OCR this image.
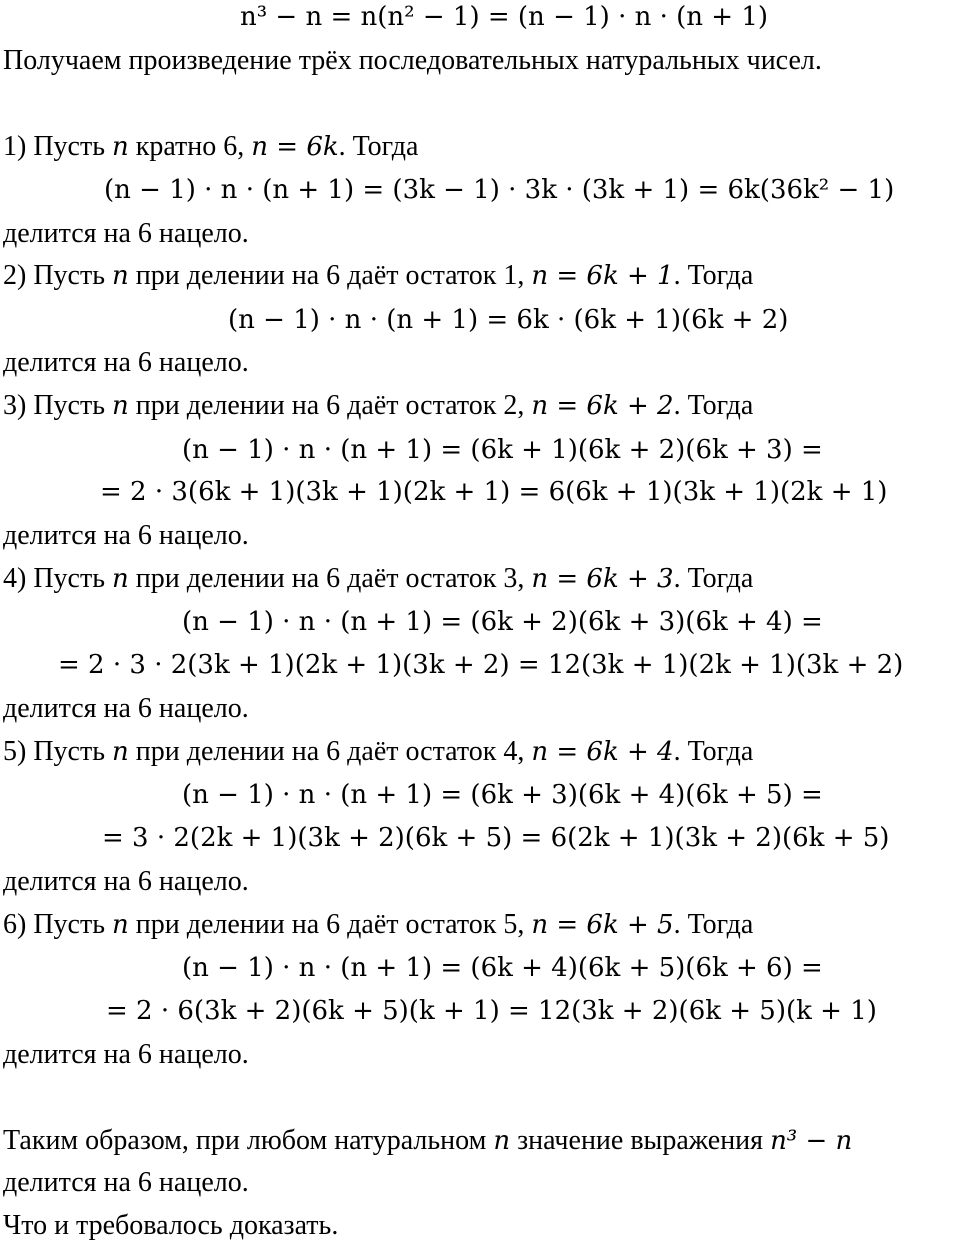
n³ − n = n(n² − 1) = (n − 1) · n · (n + 1)
Получаем произведение трёх последовательных натуральных чисел.
1) Пусть n кратно 6, n = 6k. Тогда
(n − 1) · n · (n + 1) = (3k − 1) · 3k · (3k + 1) = 6k(36k² − 1)
делится на 6 нацело.
2) Пусть n при делении на 6 даёт остаток 1, n = 6k + 1. Тогда
(n − 1) · n · (n + 1) = 6k · (6k + 1)(6k + 2)
делится на 6 нацело.
3) Пусть n при делении на 6 даёт остаток 2, n = 6k + 2. Тогда
(n − 1) · n · (n + 1) = (6k + 1)(6k + 2)(6k + 3) =
= 2 · 3(6k + 1)(3k + 1)(2k + 1) = 6(6k + 1)(3k + 1)(2k + 1)
делится на 6 нацело.
4) Пусть n при делении на 6 даёт остаток 3, n = 6k + 3. Тогда
(n − 1) · n · (n + 1) = (6k + 2)(6k + 3)(6k + 4) =
= 2 · 3 · 2(3k + 1)(2k + 1)(3k + 2) = 12(3k + 1)(2k + 1)(3k + 2)
делится на 6 нацело.
5) Пусть n при делении на 6 даёт остаток 4, n = 6k + 4. Тогда
(n − 1) · n · (n + 1) = (6k + 3)(6k + 4)(6k + 5) =
= 3 · 2(2k + 1)(3k + 2)(6k + 5) = 6(2k + 1)(3k + 2)(6k + 5)
делится на 6 нацело.
6) Пусть n при делении на 6 даёт остаток 5, n = 6k + 5. Тогда
(n − 1) · n · (n + 1) = (6k + 4)(6k + 5)(6k + 6) =
= 2 · 6(3k + 2)(6k + 5)(k + 1) = 12(3k + 2)(6k + 5)(k + 1)
делится на 6 нацело.
Таким образом, при любом натуральном n значение выражения n³ − n
делится на 6 нацело.
Что и требовалось доказать.
